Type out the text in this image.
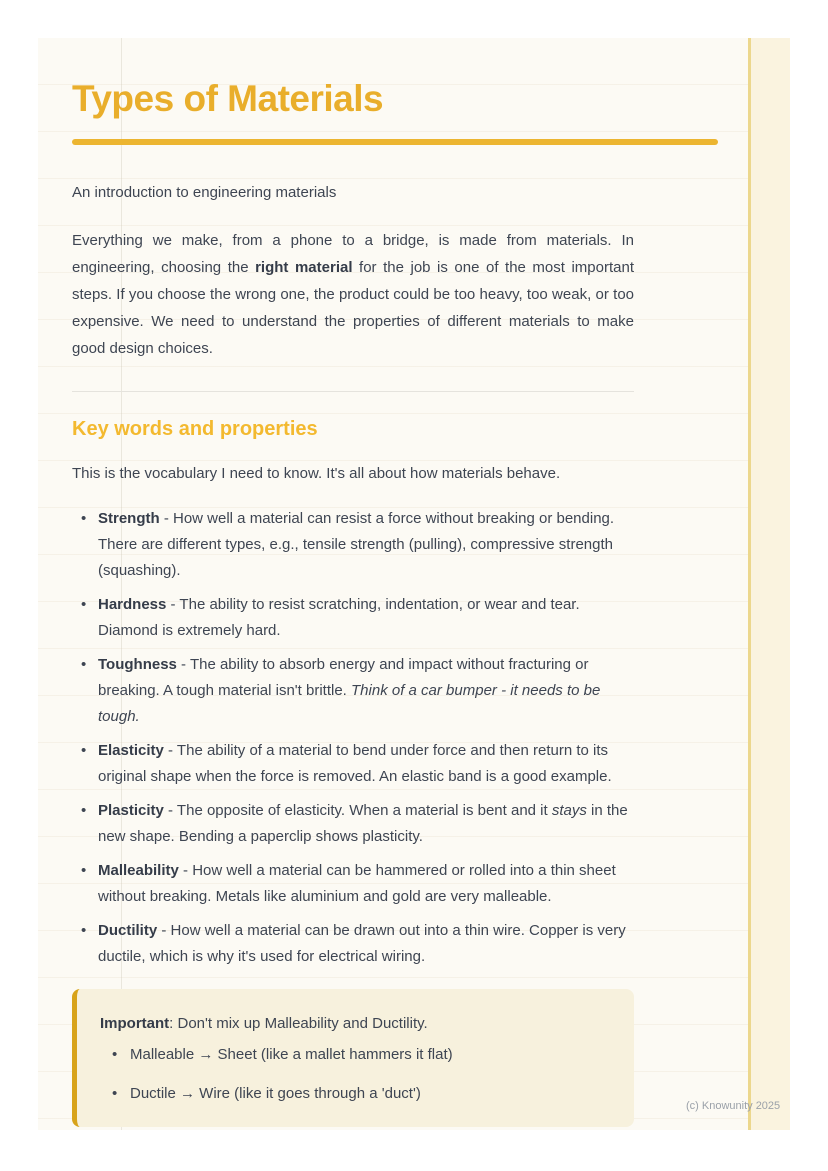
Types of Materials

An introduction to engineering materials

Everything we make, from a phone to a bridge, is made from materials. In engineering, choosing the right material for the job is one of the most important steps. If you choose the wrong one, the product could be too heavy, too weak, or too expensive. We need to understand the properties of different materials to make good design choices.

Key words and properties

This is the vocabulary I need to know. It's all about how materials behave.

• Strength - How well a material can resist a force without breaking or bending. There are different types, e.g., tensile strength (pulling), compressive strength (squashing).
• Hardness - The ability to resist scratching, indentation, or wear and tear. Diamond is extremely hard.
• Toughness - The ability to absorb energy and impact without fracturing or breaking. A tough material isn't brittle. Think of a car bumper - it needs to be tough.
• Elasticity - The ability of a material to bend under force and then return to its original shape when the force is removed. An elastic band is a good example.
• Plasticity - The opposite of elasticity. When a material is bent and it stays in the new shape. Bending a paperclip shows plasticity.
• Malleability - How well a material can be hammered or rolled into a thin sheet without breaking. Metals like aluminium and gold are very malleable.
• Ductility - How well a material can be drawn out into a thin wire. Copper is very ductile, which is why it's used for electrical wiring.

Important: Don't mix up Malleability and Ductility.

• Malleable → Sheet (like a mallet hammers it flat)
• Ductile → Wire (like it goes through a 'duct')
(c) Knowunity 2025
